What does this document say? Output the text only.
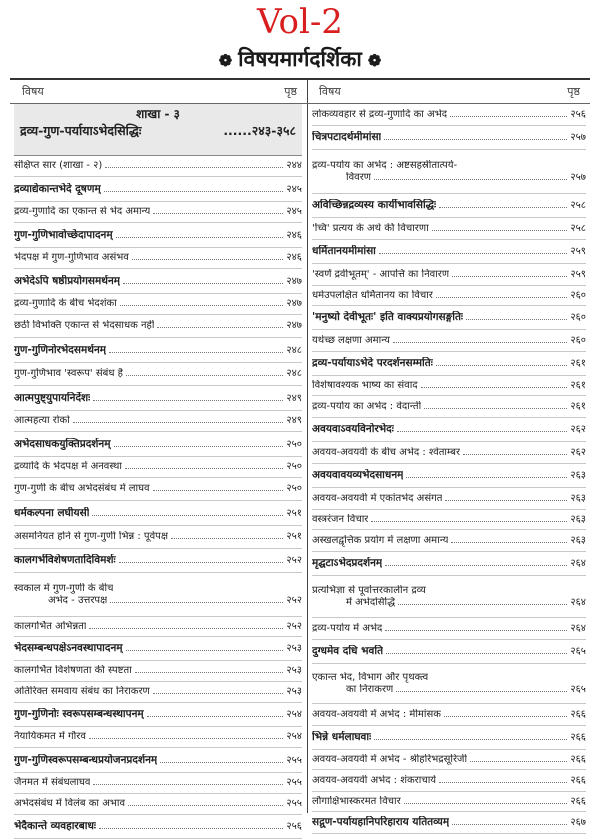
Vol-2
❁ विषयमार्गदर्शिका ❁
विषय	पृष्ठ विषय	पृष्ठ
शाखा - ३
द्रव्य-गुण-पर्यायाऽभेदसिद्धिः	......२४३-३५८
संक्षिप्त सार (शाखा - २)	२४४
द्रव्याद्येकान्तभेदे दूषणम्	२४५
द्रव्य-गुणादि का एकान्त से भेद अमान्य	२४५
गुण-गुणिभावोच्छेदापादनम्	२४६
भेदपक्ष में गुण-गुणिभाव असंभव	२४६
अभेदेऽपि षष्ठीप्रयोगसमर्थनम्	२४७
द्रव्य-गुणादि के बीच भेदशंका	२४७
छठी विभक्ति एकान्त से भेदसाधक नहीं	२४७
गुण-गुणिनोरभेदसमर्थनम्	२४८
गुण-गुणिभाव 'स्वरूप' संबंध है	२४८
आत्मपुष्ट्युपायनिर्देशः	२४९
आत्महत्या रोको	२४९
अभेदसाधकयुक्तिप्रदर्शनम्	२५०
द्रव्यादि के भेदपक्ष में अनवस्था	२५०
गुण-गुणी के बीच अभेदसंबंध में लाघव	२५०
धर्मकल्पना लघीयसी	२५१
असमनियत होने से गुण-गुणी भिन्न : पूर्वपक्ष	२५१
कालगर्भविशेषणतादिविमर्शः	२५२
स्वकाल में गुण-गुणी के बीच
अभेद - उत्तरपक्ष	२५२
कालगर्भित अभिन्नता	२५२
भेदसम्बन्धपक्षेऽनवस्थापादनम्	२५३
कालगर्भित विशेषणता की स्पष्टता	२५३
अतिरिक्त समवाय संबंध का निराकरण	२५३
गुण-गुणिनोः स्वरूपसम्बन्धस्थापनम्	२५४
नैयायिकमत में गौरव	२५४
गुण-गुणिस्वरूपसम्बन्धप्रयोजनप्रदर्शनम्	२५५
जैनमत में संबंधलाघव	२५५
अभेदसंबंध में विलंब का अभाव	२५५
भेदैकान्ते व्यवहारबाधः	२५६
लोकव्यवहार से द्रव्य-गुणादि का अभेद	२५६
चित्रपटादर्थमीमांसा	२५७
द्रव्य-पर्याय का अभेद : अष्टसहस्रीतात्पर्य-
विवरण	२५७
अविच्छिन्नद्रव्यस्य कार्यीभावसिद्धिः	२५८
'च्वि' प्रत्यय के अर्थ की विचारणा	२५८
धर्मितानयमीमांसा	२५९
'स्वर्णं द्रवीभूतम्' - आपत्ति का निवारण	२५९
धर्मउपलक्षित धर्मितानय का विचार	२६०
'मनुष्यो देवीभूतः' इति वाक्यप्रयोगसङ्गतिः	२६०
यथेच्छ लक्षणा अमान्य	२६०
द्रव्य-पर्यायाऽभेदे परदर्शनसम्मतिः	२६१
विशेषावश्यक भाष्य का संवाद	२६१
द्रव्य-पर्याय का अभेद : वेदान्ती	२६१
अवयवाऽवयविनोरभेदः	२६२
अवयव-अवयवी के बीच अभेद : श्वेताम्बर	२६२
अवयवावयव्यभेदसाधनम्	२६३
अवयव-अवयवी में एकांतभेद असंगत	२६३
वस्त्ररंजन विचार	२६३
अस्खलद्वृत्तिक प्रयोग में लक्षणा अमान्य	२६३
मृद्घटाऽभेदप्रदर्शनम्	२६४
प्रत्यभिज्ञा से पूर्वोत्तरकालीन द्रव्य
में अभेदसिद्धि	२६४
द्रव्य-पर्याय में अभेद	२६४
दुग्धमेव दधि भवति	२६५
एकान्त भेद, विभाग और पृथक्त्व
का निराकरण	२६५
अवयव-अवयवी में अभेद : मीमांसक	२६६
भिन्ने धर्मलाघवाः	२६६
अवयव-अवयवी में अभेद - श्रीहरिभद्रसूरिजी	२६६
अवयव-अवयवी अभेद : शंकराचार्य	२६६
लौगाक्षिभास्करमत विचार	२६६
सद्गुण-पर्यायहानिपरिहाराय यतितव्यम्	२६७
